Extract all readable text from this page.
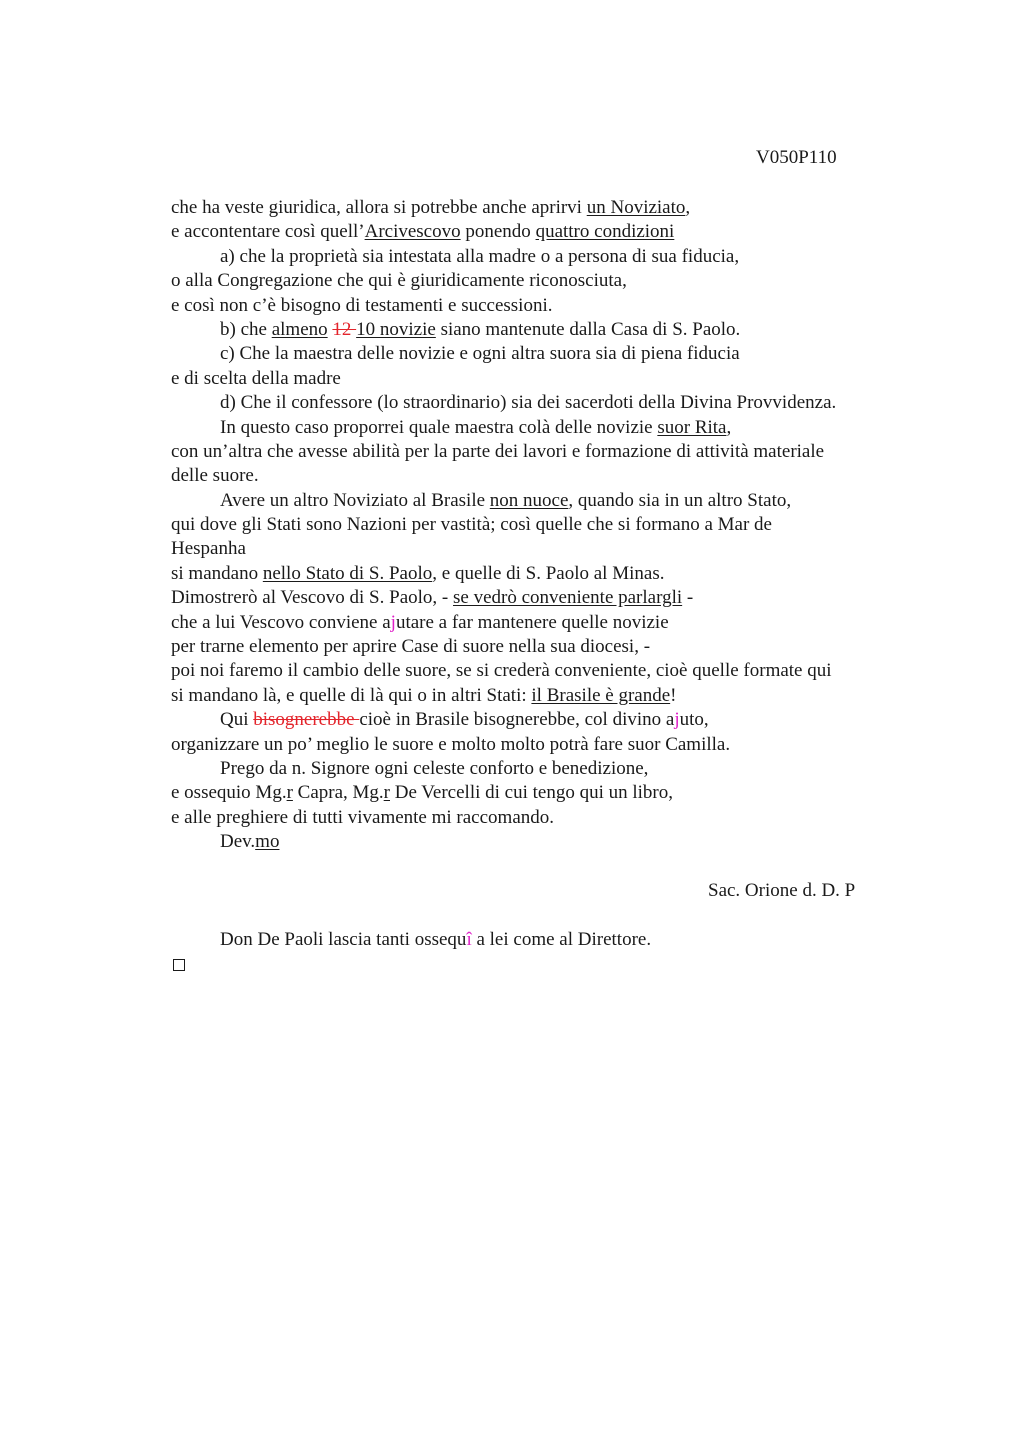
V050P110
che ha veste giuridica, allora si potrebbe anche aprirvi un Noviziato,
e accontentare così quell’Arcivescovo ponendo quattro condizioni
a) che la proprietà sia intestata alla madre o a persona di sua fiducia,
o alla Congregazione che qui è giuridicamente riconosciuta,
e così non c’è bisogno di testamenti e successioni.
b) che almeno 12 10 novizie siano mantenute dalla Casa di S. Paolo.
c) Che la maestra delle novizie e ogni altra suora sia di piena fiducia
e di scelta della madre
d) Che il confessore (lo straordinario) sia dei sacerdoti della Divina Provvidenza.
In questo caso proporrei quale maestra colà delle novizie suor Rita,
con un’altra che avesse abilità per la parte dei lavori e formazione di attività materiale
delle suore.
Avere un altro Noviziato al Brasile non nuoce, quando sia in un altro Stato,
qui dove gli Stati sono Nazioni per vastità; così quelle che si formano a Mar de
Hespanha
si mandano nello Stato di S. Paolo, e quelle di S. Paolo al Minas.
Dimostrerò al Vescovo di S. Paolo, - se vedrò conveniente parlargli -
che a lui Vescovo conviene ajutare a far mantenere quelle novizie
per trarne elemento per aprire Case di suore nella sua diocesi, -
poi noi faremo il cambio delle suore, se si crederà conveniente, cioè quelle formate qui
si mandano là, e quelle di là qui o in altri Stati: il Brasile è grande!
Qui bisognerebbe cioè in Brasile bisognerebbe, col divino ajuto,
organizzare un po’ meglio le suore e molto molto potrà fare suor Camilla.
Prego da n. Signore ogni celeste conforto e benedizione,
e ossequio Mg.r Capra, Mg.r De Vercelli di cui tengo qui un libro,
e alle preghiere di tutti vivamente mi raccomando.
Dev.mo
Sac. Orione d. D. P
Don De Paoli lascia tanti ossequî a lei come al Direttore.
